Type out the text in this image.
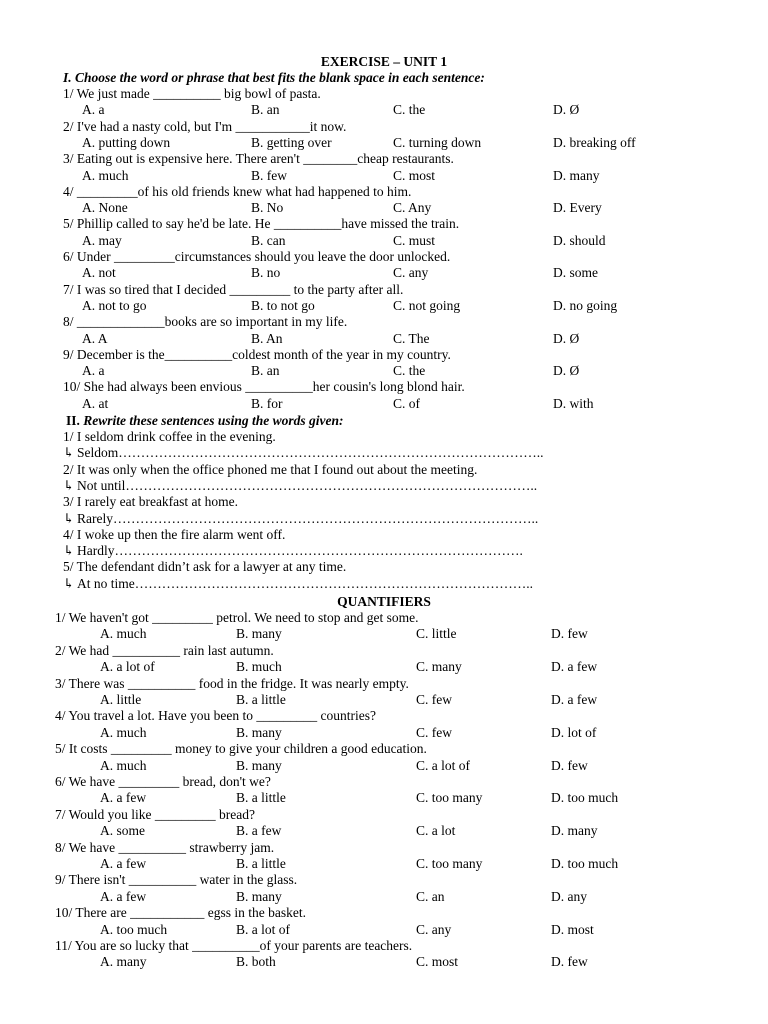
EXERCISE – UNIT 1
I. Choose the word or phrase that best fits the blank space in each sentence:
1/ We just made __________ big bowl of pasta.
A. a	B. an	C. the	D. Ø
2/ I've had a nasty cold, but I'm ___________it now.
A. putting down	B. getting over	C. turning down	D. breaking off
3/ Eating out is expensive here. There aren't ________cheap restaurants.
A. much	B. few	C. most	D. many
4/ _________of his old friends knew what had happened to him.
A. None	B. No	C. Any	D. Every
5/ Phillip called to say he'd be late. He __________have missed the train.
A. may	B. can	C. must	D. should
6/ Under _________circumstances should you leave the door unlocked.
A. not	B. no	C. any	D. some
7/ I was so tired that I decided _________ to the party after all.
A. not to go	B. to not go	C. not going	D. no going
8/ _____________books are so important in my life.
A. A	B. An	C. The	D. Ø
9/ December is the__________coldest month of the year in my country.
A. a	B. an	C. the	D. Ø
10/ She had always been envious __________her cousin's long blond hair.
A. at	B. for	C. of	D. with
II. Rewrite these sentences using the words given:
1/ I seldom drink coffee in the evening.
↳ Seldom…………………………………………………………………………………..
2/ It was only when the office phoned me that I found out about the meeting.
↳ Not until………………………………………………………………………………..
3/ I rarely eat breakfast at home.
↳ Rarely…………………………………………………………………………………..
4/ I woke up then the fire alarm went off.
↳ Hardly……………………………………………………………………………….
5/ The defendant didn’t ask for a lawyer at any time.
↳ At no time……………………………………………………………………………..
QUANTIFIERS
1/ We haven't got _________ petrol. We need to stop and get some.
A. much	B. many	C. little	D. few
2/ We had __________ rain last autumn.
A. a lot of	B. much	C. many	D. a few
3/ There was __________ food in the fridge. It was nearly empty.
A. little	B. a little	C. few	D. a few
4/ You travel a lot. Have you been to _________ countries?
A. much	B. many	C. few	D. lot of
5/ It costs _________ money to give your children a good education.
A. much	B. many	C. a lot of	D. few
6/ We have _________ bread, don't we?
A. a few	B. a little	C. too many	D. too much
7/ Would you like _________ bread?
A. some	B. a few	C. a lot	D. many
8/ We have __________ strawberry jam.
A. a few	B. a little	C. too many	D. too much
9/ There isn't __________ water in the glass.
A. a few	B. many	C. an	D. any
10/ There are ___________ egss in the basket.
A. too much	B. a lot of	C. any	D. most
11/ You are so lucky that __________of your parents are teachers.
A. many	B. both	C. most	D. few
